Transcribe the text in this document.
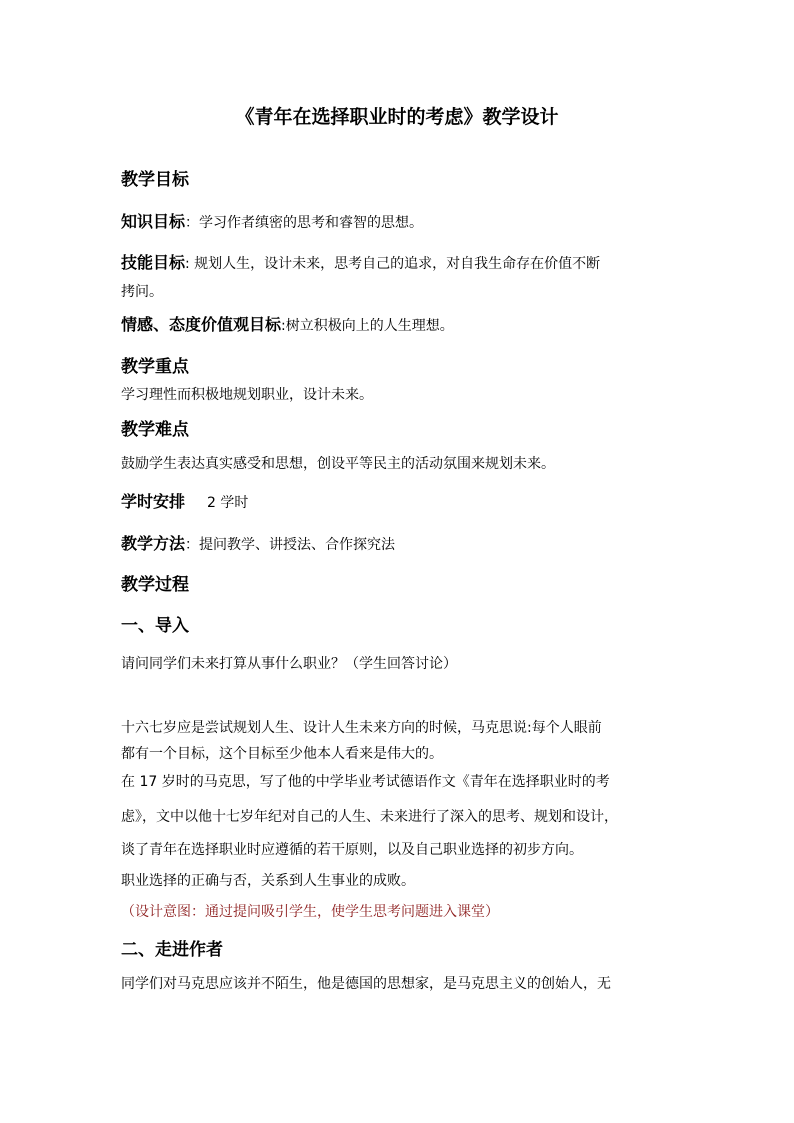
《青年在选择职业时的考虑》教学设计
教学目标
知识目标：学习作者缜密的思考和睿智的思想。
技能目标: 规划人生，设计未来，思考自己的追求，对自我生命存在价值不断
拷问。
情感、态度价值观目标:树立积极向上的人生理想。
教学重点
学习理性而积极地规划职业，设计未来。
教学难点
鼓励学生表达真实感受和思想，创设平等民主的活动氛围来规划未来。
学时安排 2 学时
教学方法：提问教学、讲授法、合作探究法
教学过程
一、导入
请问同学们未来打算从事什么职业？（学生回答讨论）
十六七岁应是尝试规划人生、设计人生未来方向的时候，马克思说:每个人眼前
都有一个目标，这个目标至少他本人看来是伟大的。
在 17 岁时的马克思，写了他的中学毕业考试德语作文《青年在选择职业时的考
虑》，文中以他十七岁年纪对自己的人生、未来进行了深入的思考、规划和设计，
谈了青年在选择职业时应遵循的若干原则，以及自己职业选择的初步方向。
职业选择的正确与否，关系到人生事业的成败。
（设计意图：通过提问吸引学生，使学生思考问题进入课堂）
二、走进作者
同学们对马克思应该并不陌生，他是德国的思想家，是马克思主义的创始人，无
